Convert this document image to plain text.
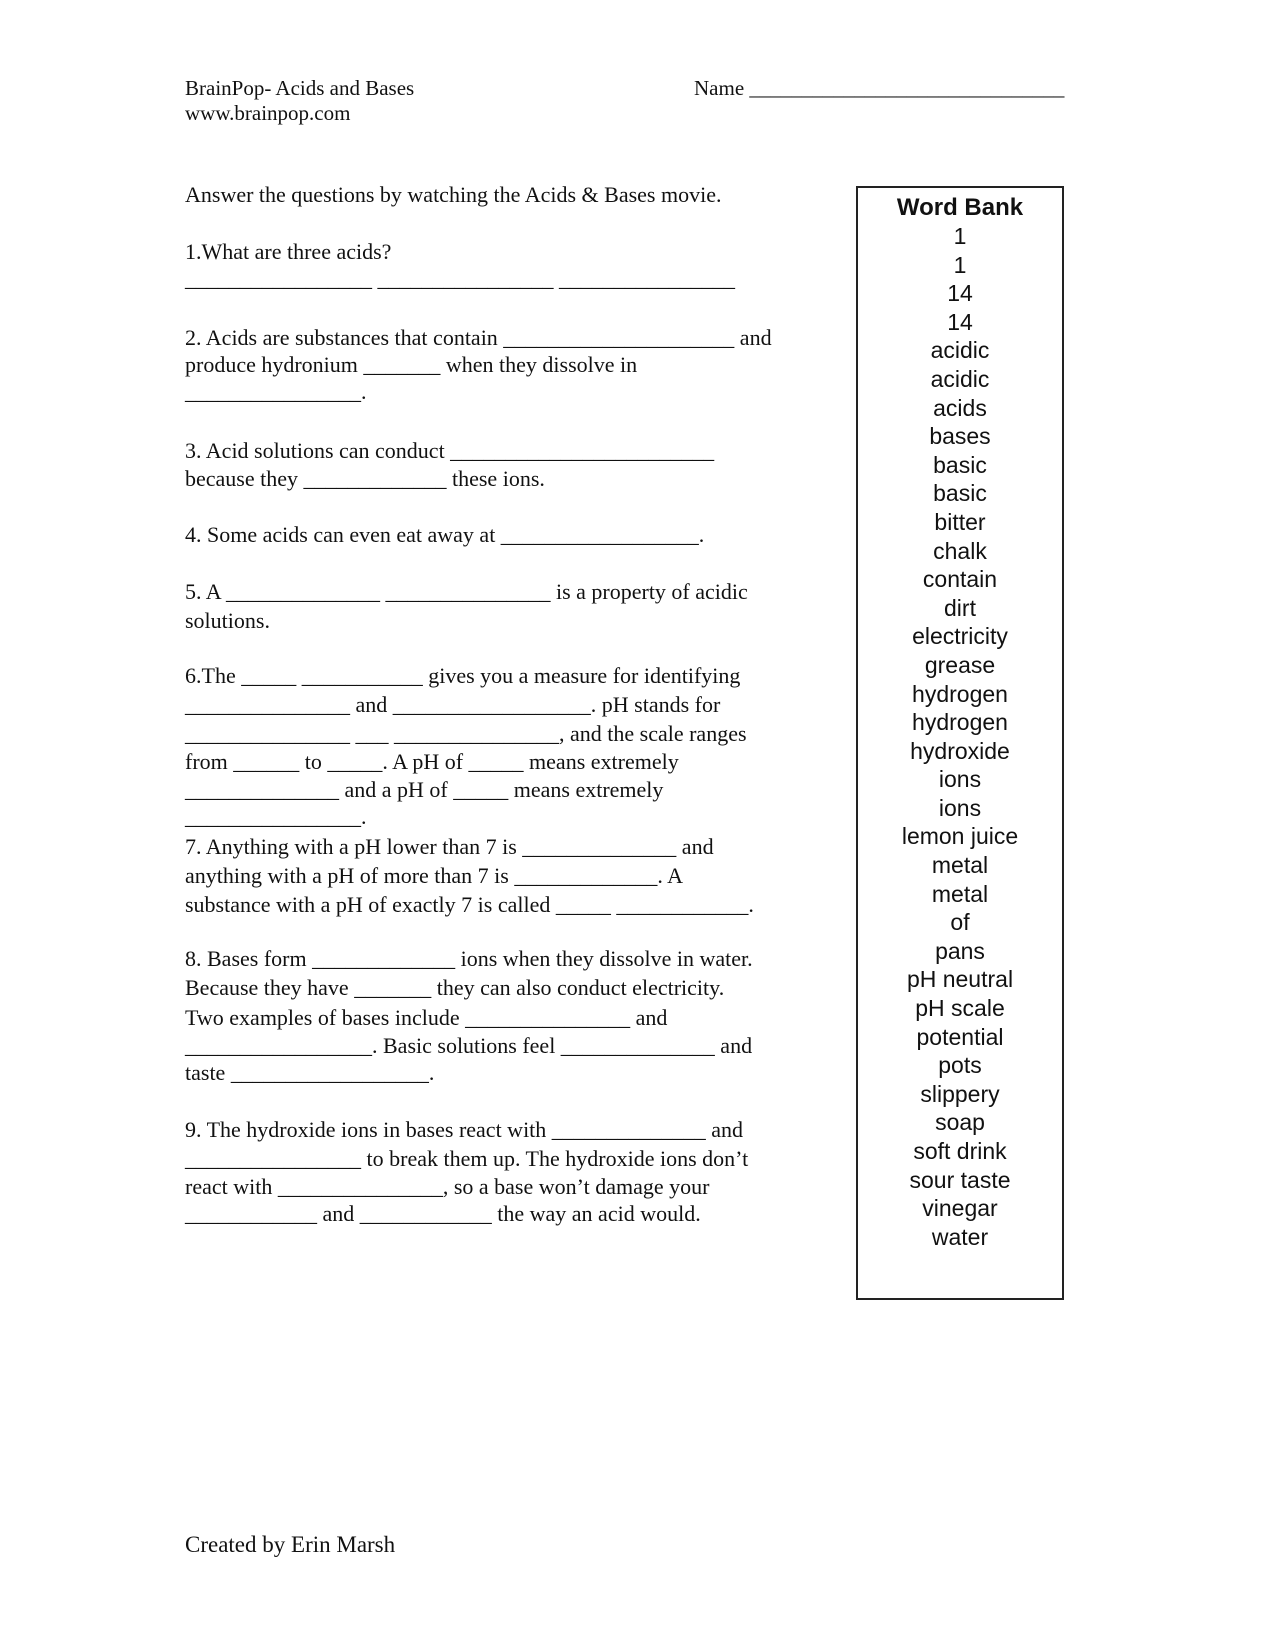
BrainPop- Acids and Bases
www.brainpop.com
Name ______________________________
Answer the questions by watching the Acids & Bases movie.
1.What are three acids?
_________________ ________________ ________________
2. Acids are substances that contain _____________________ and
produce hydronium _______ when they dissolve in
________________.
3. Acid solutions can conduct ________________________
because they _____________ these ions.
4. Some acids can even eat away at __________________.
5. A ______________ _______________ is a property of acidic
solutions.
6.The _____ ___________ gives you a measure for identifying
_______________ and __________________. pH stands for
_______________ ___ _______________, and the scale ranges
from ______ to _____. A pH of _____ means extremely
______________ and a pH of _____ means extremely
________________.
7. Anything with a pH lower than 7 is ______________ and
anything with a pH of more than 7 is _____________. A
substance with a pH of exactly 7 is called _____ ____________.
8. Bases form _____________ ions when they dissolve in water.
Because they have _______ they can also conduct electricity.
Two examples of bases include _______________ and
_________________. Basic solutions feel ______________ and
taste __________________.
9. The hydroxide ions in bases react with ______________ and
________________ to break them up. The hydroxide ions don’t
react with _______________, so a base won’t damage your
____________ and ____________ the way an acid would.
Word Bank
1
1
14
14
acidic
acidic
acids
bases
basic
basic
bitter
chalk
contain
dirt
electricity
grease
hydrogen
hydrogen
hydroxide
ions
ions
lemon juice
metal
metal
of
pans
pH neutral
pH scale
potential
pots
slippery
soap
soft drink
sour taste
vinegar
water
Created by Erin Marsh
